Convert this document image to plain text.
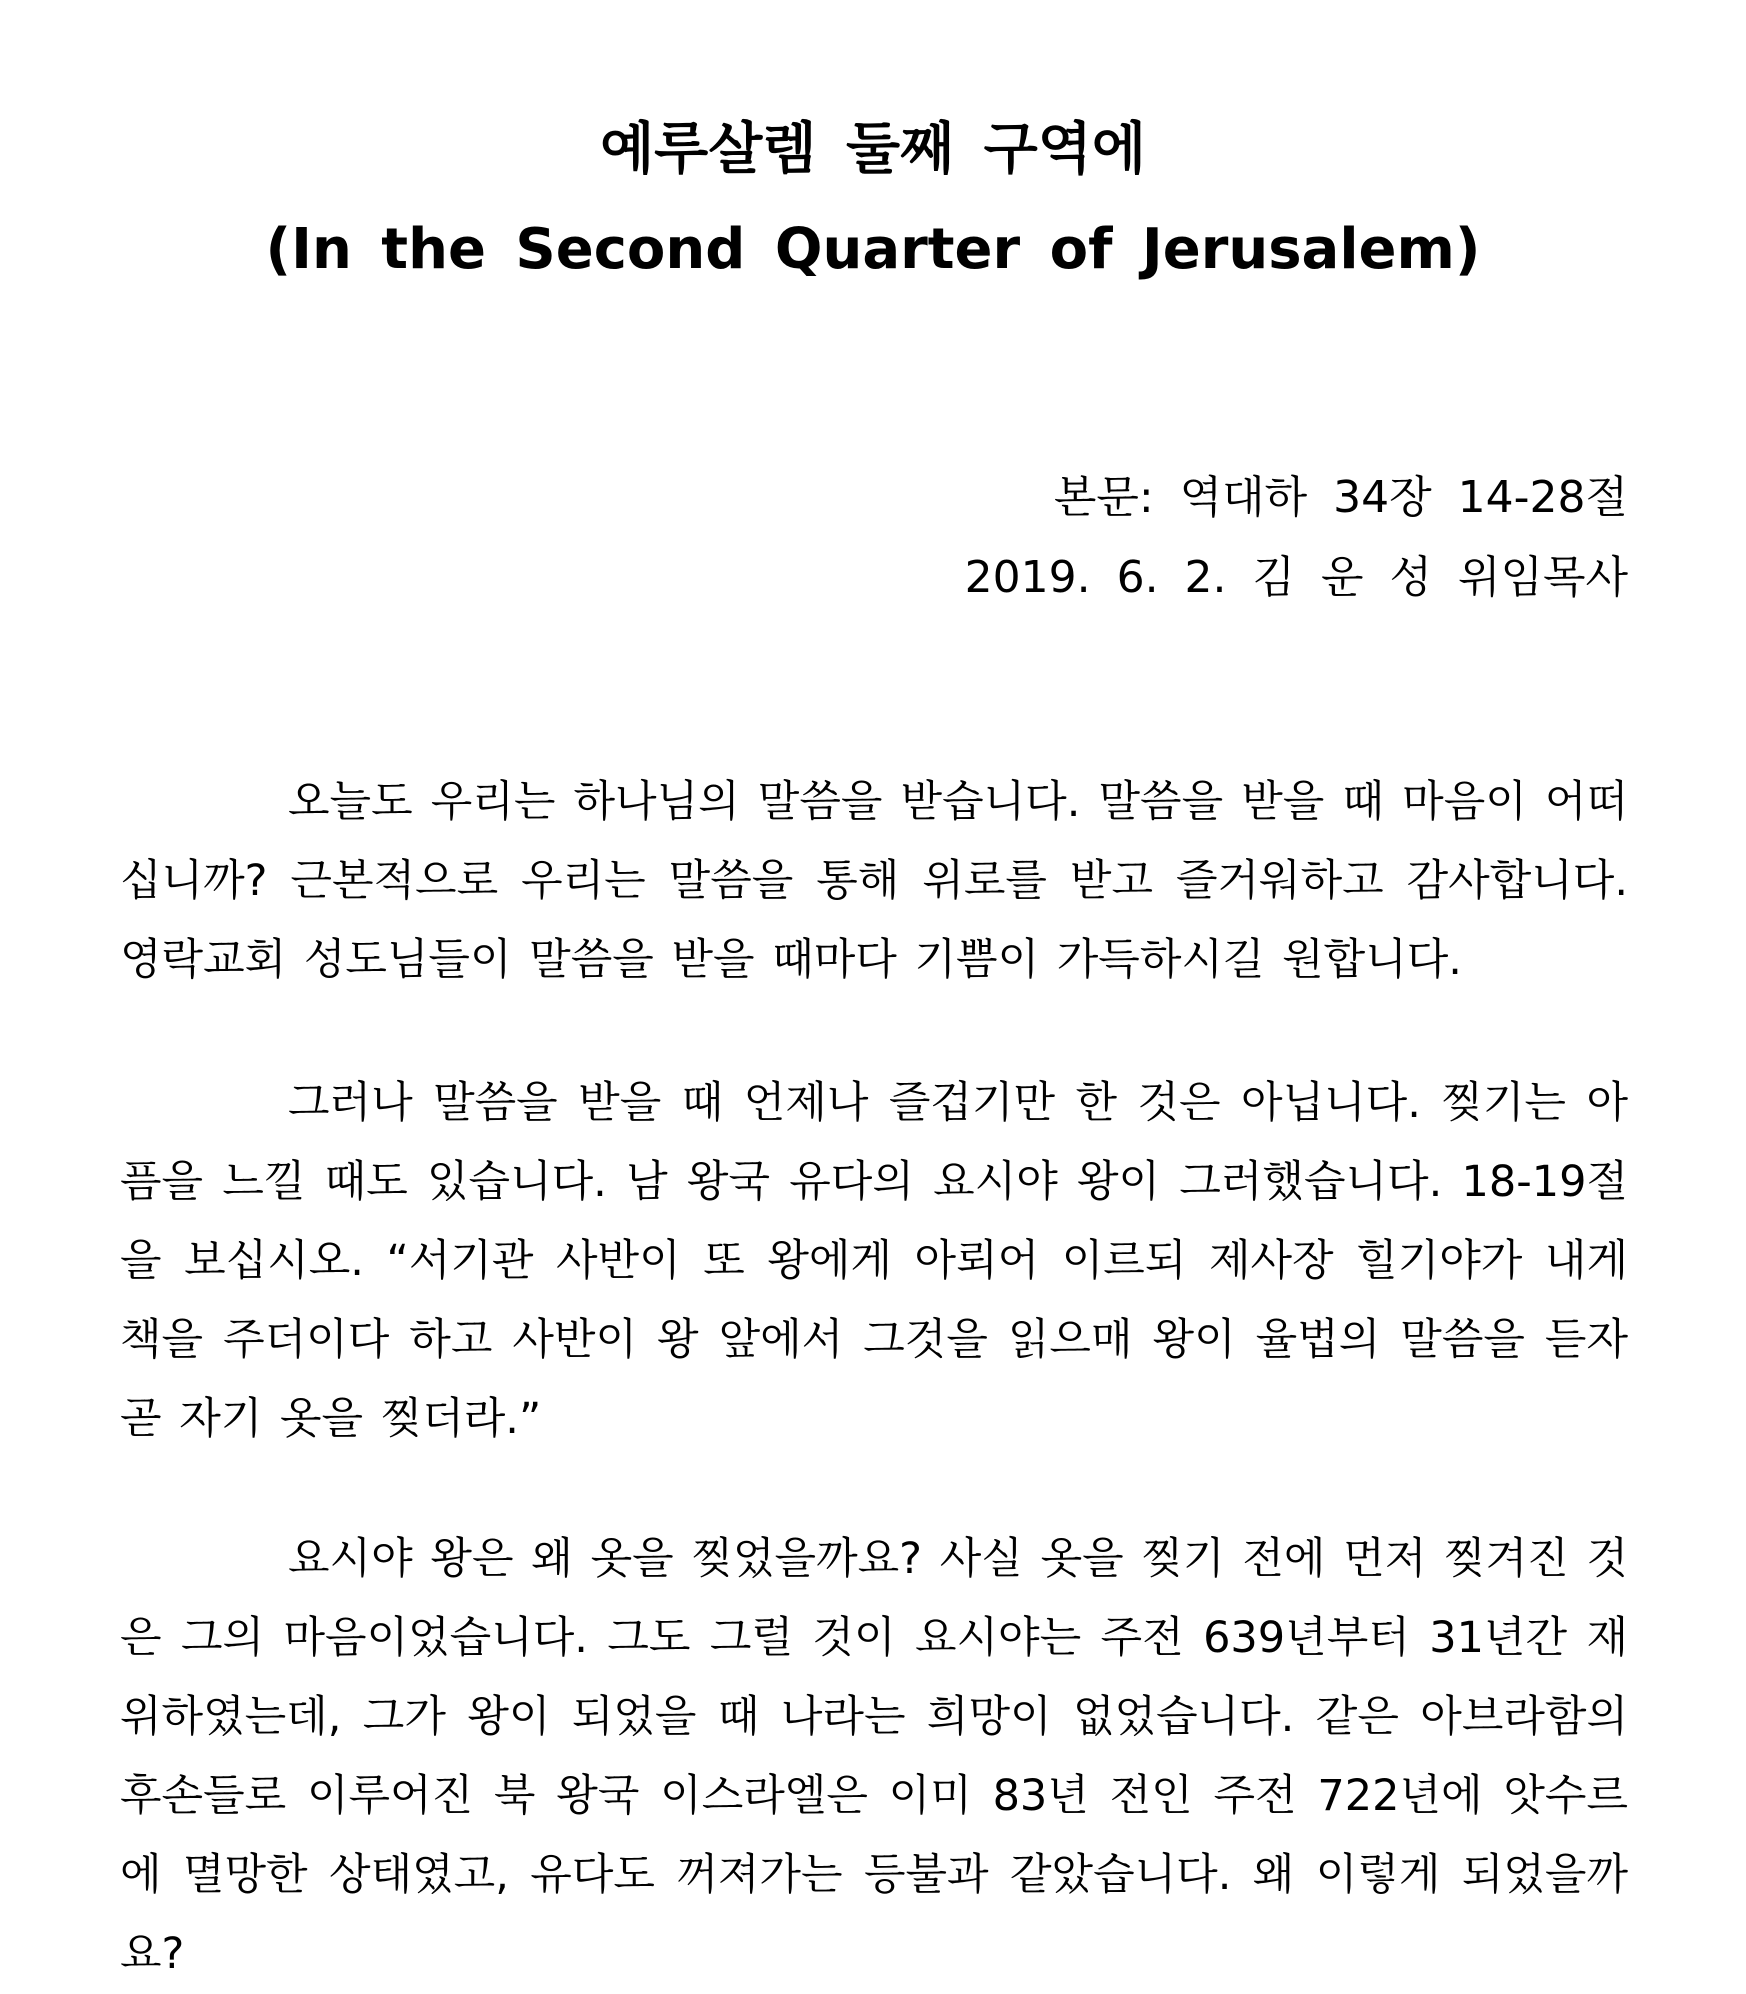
예루살렘 둘째 구역에
(In the Second Quarter of Jerusalem)

본문: 역대하 34장 14-28절

2019. 6. 2. 김 운 성 위임목사

오늘도 우리는 하나님의 말씀을 받습니다. 말씀을 받을 때 마음이 어떠십니까? 근본적으로 우리는 말씀을 통해 위로를 받고 즐거워하고 감사합니다. 영락교회 성도님들이 말씀을 받을 때마다 기쁨이 가득하시길 원합니다.

그러나 말씀을 받을 때 언제나 즐겁기만 한 것은 아닙니다. 찢기는 아픔을 느낄 때도 있습니다. 남 왕국 유다의 요시야 왕이 그러했습니다. 18-19절을 보십시오. “서기관 사반이 또 왕에게 아뢰어 이르되 제사장 힐기야가 내게 책을 주더이다 하고 사반이 왕 앞에서 그것을 읽으매 왕이 율법의 말씀을 듣자 곧 자기 옷을 찢더라.”

요시야 왕은 왜 옷을 찢었을까요? 사실 옷을 찢기 전에 먼저 찢겨진 것은 그의 마음이었습니다. 그도 그럴 것이 요시야는 주전 639년부터 31년간 재위하였는데, 그가 왕이 되었을 때 나라는 희망이 없었습니다. 같은 아브라함의 후손들로 이루어진 북 왕국 이스라엘은 이미 83년 전인 주전 722년에 앗수르에 멸망한 상태였고, 유다도 꺼져가는 등불과 같았습니다. 왜 이렇게 되었을까요?
